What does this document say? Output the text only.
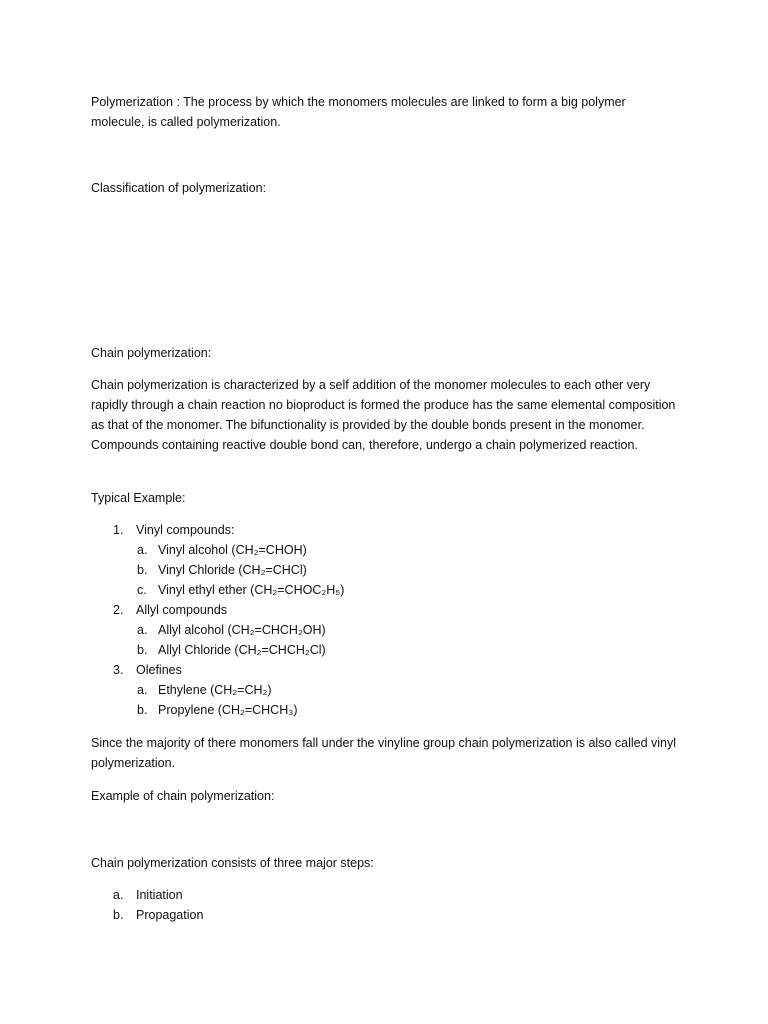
Polymerization : The process by which the monomers molecules are linked to form a big polymer molecule, is called polymerization.

Classification of polymerization:

Chain polymerization:

Chain polymerization is characterized by a self addition of the monomer molecules to each other very rapidly through a chain reaction no bioproduct is formed the produce has the same elemental composition as that of the monomer. The bifunctionality is provided by the double bonds present in the monomer. Compounds containing reactive double bond can, therefore, undergo a chain polymerized reaction.

Typical Example:

1. Vinyl compounds:
a. Vinyl alcohol (CH₂=CHOH)
b. Vinyl Chloride (CH₂=CHCl)
c. Vinyl ethyl ether (CH₂=CHOC₂H₅)
2. Allyl compounds
a. Allyl alcohol (CH₂=CHCH₂OH)
b. Allyl Chloride (CH₂=CHCH₂Cl)
3. Olefines
a. Ethylene (CH₂=CH₂)
b. Propylene (CH₂=CHCH₃)

Since the majority of there monomers fall under the vinyline group chain polymerization is also called vinyl polymerization.

Example of chain polymerization:

Chain polymerization consists of three major steps:

a. Initiation
b. Propagation
